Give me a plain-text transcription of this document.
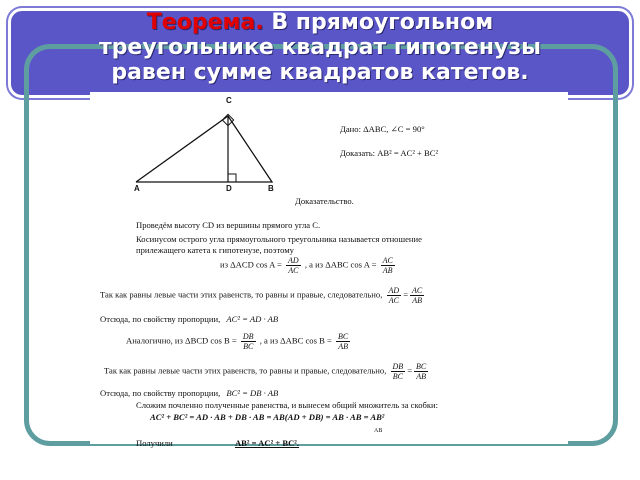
Теорема. В прямоугольном
треугольнике квадрат гипотенузы
равен сумме квадратов катетов.
C
A	D	B
Дано: ΔАВС, ∠С = 90°
Доказать: AB² = AC² + BC²
Доказательство.
Проведём высоту CD из вершины прямого угла С.
Косинусом острого угла прямоугольного треугольника называется отношение
прилежащего катета к гипотенузе, поэтому
из ΔACD $\cos A = \frac{AD}{AC}$ , а из ΔABC $\cos A = \frac{AC}{AB}$
Так как равны левые части этих равенств, то равны и правые, следовательно, $\frac{AD}{AC} = \frac{AC}{AB}$
Отсюда, по свойству пропорции, AC² = AD · AB
Аналогично, из ΔBCD $\cos B = \frac{DB}{BC}$ , а из ΔABC $\cos B = \frac{BC}{AB}$
Так как равны левые части этих равенств, то равны и правые, следовательно, $\frac{DB}{BC} = \frac{BC}{AB}$
Отсюда, по свойству пропорции, BC² = DB · AB
Сложим почленно полученные равенства, и вынесем общий множитель за скобки:
AC² + BC² = AD · AB + DB · AB = AB(AD + DB) = AB · AB = AB²
AB
Получили	AB² = AC² + BC².
